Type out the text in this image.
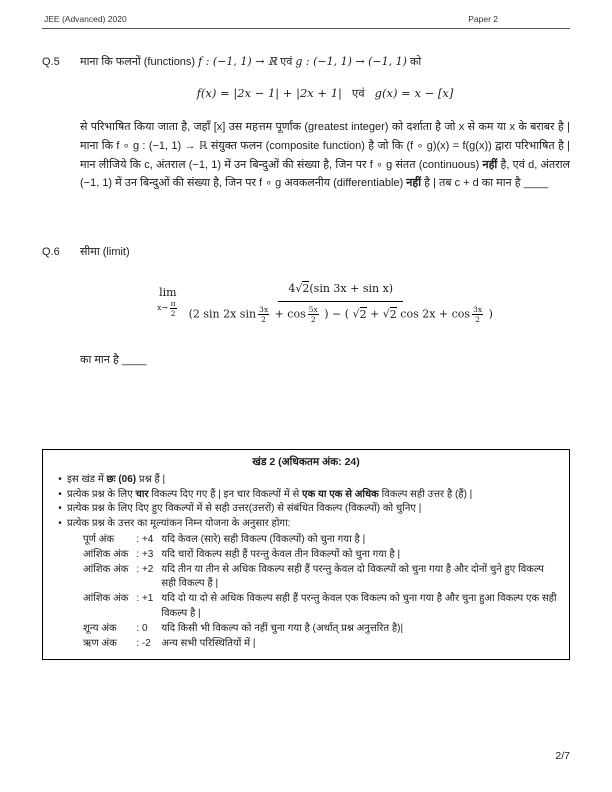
JEE (Advanced) 2020	Paper 2
Q.5	माना कि फलनों (functions) f : (−1, 1) → ℝ एवं g : (−1, 1) → (−1, 1) को
f(x) = |2x − 1| + |2x + 1| एवं g(x) = x − [x]
से परिभाषित किया जाता है, जहाँ [x] उस महत्तम पूर्णांक (greatest integer) को दर्शाता है जो x से कम या x के बराबर है | माना कि f ∘ g : (−1, 1) → ℝ संयुक्त फलन (composite function) है जो कि (f ∘ g)(x) = f(g(x)) द्वारा परिभाषित है | मान लीजिये कि c, अंतराल (−1, 1) में उन बिन्दुओं की संख्या है, जिन पर f ∘ g संतत (continuous) नहीं है, एवं d, अंतराल (−1, 1) में उन बिन्दुओं की संख्या है, जिन पर f ∘ g अवकलनीय (differentiable) नहीं है | तब c + d का मान है ____
Q.6	सीमा (limit)
lim
$x\to \frac{\pi}{2}$
4√2(sin 3x + sin x)
(2 sin 2x $\sin \frac{3x}{2} + \cos \frac{5x}{2}$ ) − ( √2 + √2 $\cos 2x + \cos \frac{3x}{2}$ )
का मान है ____
खंड 2 (अधिकतम अंक: 24)
• इस खंड में छः (06) प्रश्न हैं |
• प्रत्येक प्रश्न के लिए चार विकल्प दिए गए हैं | इन चार विकल्पों में से एक या एक से अधिक विकल्प सही उत्तर है (हैं) |
• प्रत्येक प्रश्न के लिए दिए हुए विकल्पों में से सही उत्तर(उत्तरों) से संबंधित विकल्प (विकल्पों) को चुनिए |
• प्रत्येक प्रश्न के उत्तर का मूल्यांकन निम्न योजना के अनुसार होगा:
पूर्ण अंक	: +4 यदि केवल (सारे) सही विकल्प (विकल्पों) को चुना गया है |
आंशिक अंक : +3 यदि चारों विकल्प सही हैं परन्तु केवल तीन विकल्पों को चुना गया है |
आंशिक अंक : +2 यदि तीन या तीन से अधिक विकल्प सही हैं परन्तु केवल दो विकल्पों को चुना गया है और दोनों चुने हुए विकल्प सही विकल्प हैं |
आंशिक अंक : +1 यदि दो या दो से अधिक विकल्प सही हैं परन्तु केवल एक विकल्प को चुना गया है और चुना हुआ विकल्प एक सही विकल्प है |
शून्य अंक	: 0	यदि किसी भी विकल्प को नहीं चुना गया है (अर्थात् प्रश्न अनुत्तरित है)|
ऋण अंक	: -2 अन्य सभी परिस्थितियों में |
2/7
